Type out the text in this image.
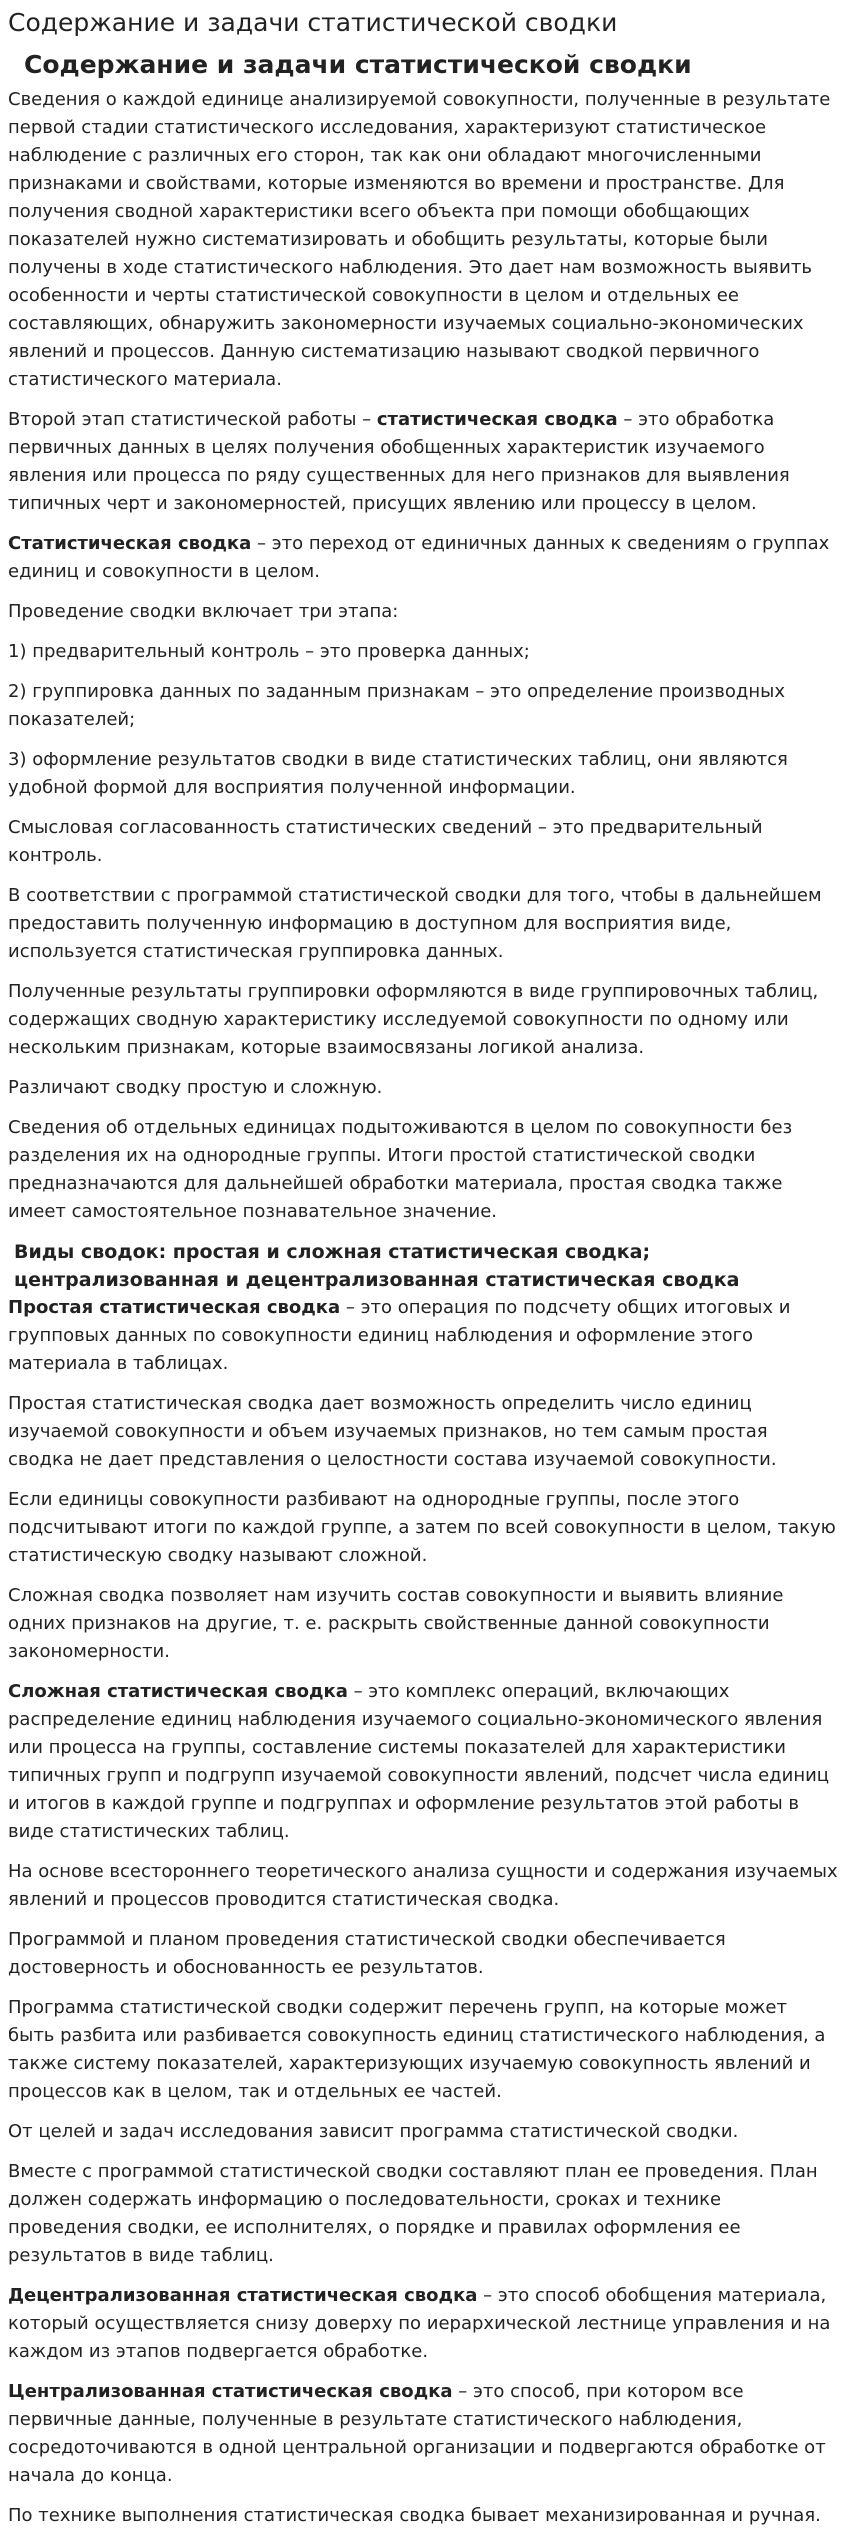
Содержание и задачи статистической сводки
Содержание и задачи статистической сводки

Сведения о каждой единице анализируемой совокупности, полученные в результате первой стадии статистического исследования, характеризуют статистическое наблюдение с различных его сторон, так как они обладают многочисленными признаками и свойствами, которые изменяются во времени и пространстве. Для получения сводной характеристики всего объекта при помощи обобщающих показателей нужно систематизировать и обобщить результаты, которые были получены в ходе статистического наблюдения. Это дает нам возможность выявить особенности и черты статистической совокупности в целом и отдельных ее составляющих, обнаружить закономерности изучаемых социально-экономических явлений и процессов. Данную систематизацию называют сводкой первичного статистического материала.

Второй этап статистической работы – статистическая сводка – это обработка первичных данных в целях получения обобщенных характеристик изучаемого явления или процесса по ряду существенных для него признаков для выявления типичных черт и закономерностей, присущих явлению или процессу в целом.

Статистическая сводка – это переход от единичных данных к сведениям о группах единиц и совокупности в целом.

Проведение сводки включает три этапа:

1) предварительный контроль – это проверка данных;

2) группировка данных по заданным признакам – это определение производных показателей;

3) оформление результатов сводки в виде статистических таблиц, они являются удобной формой для восприятия полученной информации.

Смысловая согласованность статистических сведений – это предварительный контроль.

В соответствии с программой статистической сводки для того, чтобы в дальнейшем предоставить полученную информацию в доступном для восприятия виде, используется статистическая группировка данных.

Полученные результаты группировки оформляются в виде группировочных таблиц, содержащих сводную характеристику исследуемой совокупности по одному или нескольким признакам, которые взаимосвязаны логикой анализа.

Различают сводку простую и сложную.

Сведения об отдельных единицах подытоживаются в целом по совокупности без разделения их на однородные группы. Итоги простой статистической сводки предназначаются для дальнейшей обработки материала, простая сводка также имеет самостоятельное познавательное значение.

Виды сводок: простая и сложная статистическая сводка; централизованная и децентрализованная статистическая сводка

Простая статистическая сводка – это операция по подсчету общих итоговых и групповых данных по совокупности единиц наблюдения и оформление этого материала в таблицах.

Простая статистическая сводка дает возможность определить число единиц изучаемой совокупности и объем изучаемых признаков, но тем самым простая сводка не дает представления о целостности состава изучаемой совокупности.

Если единицы совокупности разбивают на однородные группы, после этого подсчитывают итоги по каждой группе, а затем по всей совокупности в целом, такую статистическую сводку называют сложной.

Сложная сводка позволяет нам изучить состав совокупности и выявить влияние одних признаков на другие, т. е. раскрыть свойственные данной совокупности закономерности.

Сложная статистическая сводка – это комплекс операций, включающих распределение единиц наблюдения изучаемого социально-экономического явления или процесса на группы, составление системы показателей для характеристики типичных групп и подгрупп изучаемой совокупности явлений, подсчет числа единиц и итогов в каждой группе и подгруппах и оформление результатов этой работы в виде статистических таблиц.

На основе всестороннего теоретического анализа сущности и содержания изучаемых явлений и процессов проводится статистическая сводка.

Программой и планом проведения статистической сводки обеспечивается достоверность и обоснованность ее результатов.

Программа статистической сводки содержит перечень групп, на которые может быть разбита или разбивается совокупность единиц статистического наблюдения, а также систему показателей, характеризующих изучаемую совокупность явлений и процессов как в целом, так и отдельных ее частей.

От целей и задач исследования зависит программа статистической сводки.

Вместе с программой статистической сводки составляют план ее проведения. План должен содержать информацию о последовательности, сроках и технике проведения сводки, ее исполнителях, о порядке и правилах оформления ее результатов в виде таблиц.

Децентрализованная статистическая сводка – это способ обобщения материала, который осуществляется снизу доверху по иерархической лестнице управления и на каждом из этапов подвергается обработке.

Централизованная статистическая сводка – это способ, при котором все первичные данные, полученные в результате статистического наблюдения, сосредоточиваются в одной центральной организации и подвергаются обработке от начала до конца.

По технике выполнения статистическая сводка бывает механизированная и ручная.
